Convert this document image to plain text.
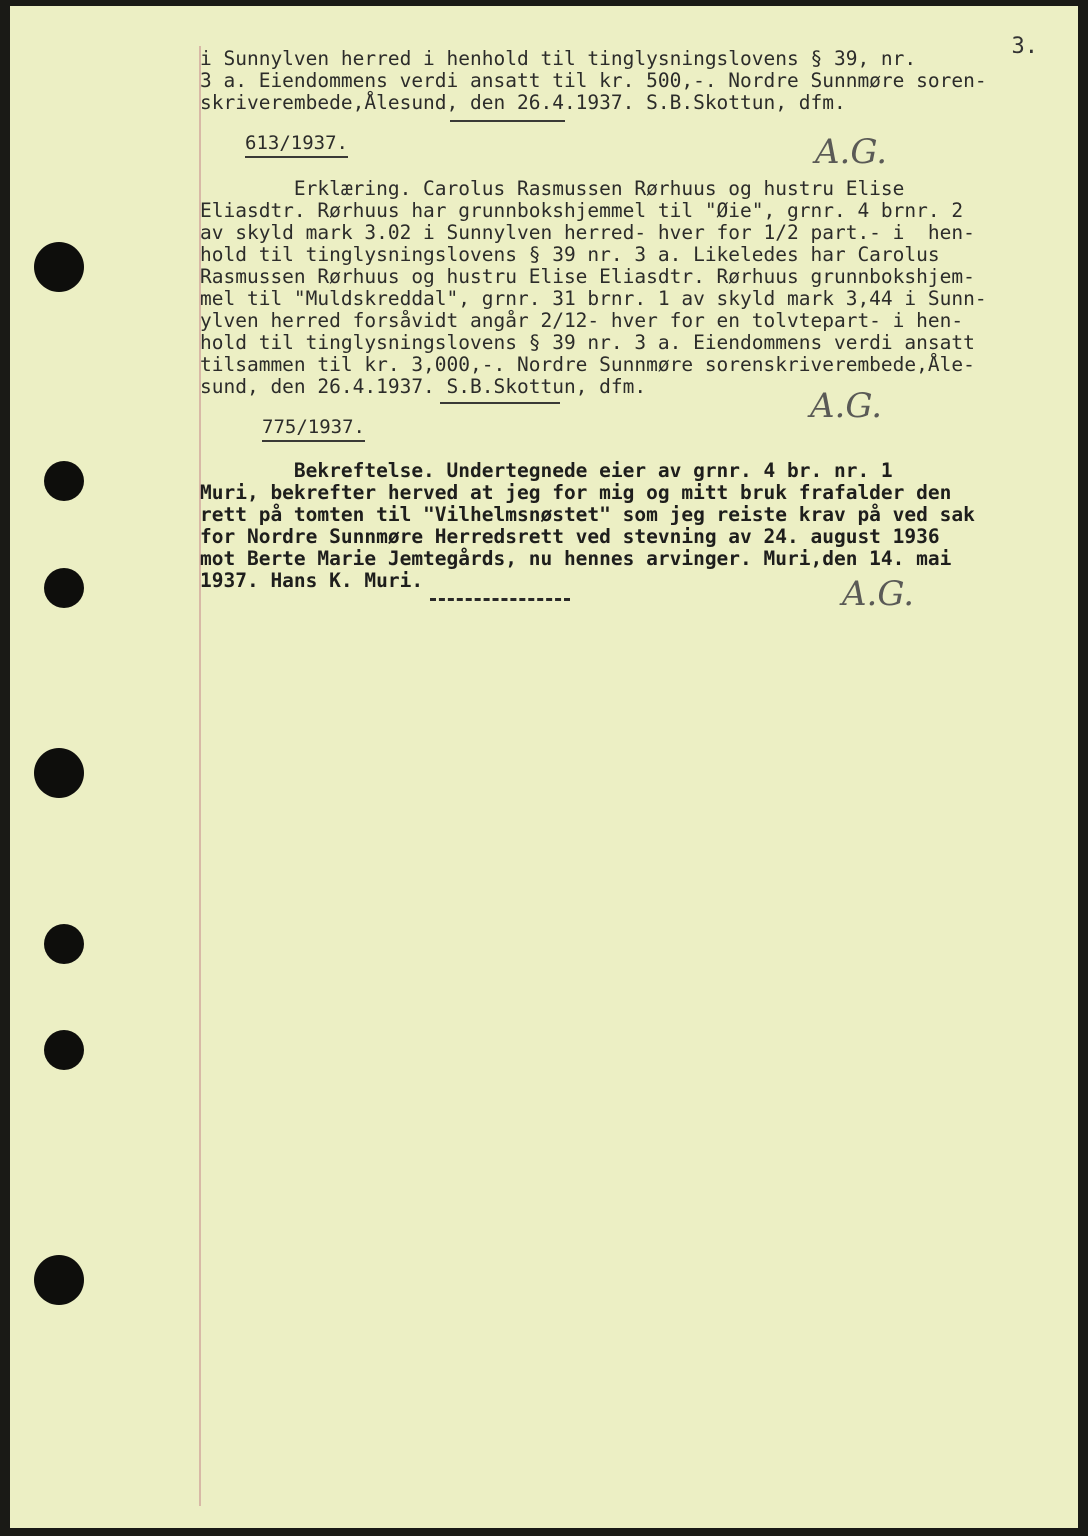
3.

i Sunnylven herred i henhold til tinglysningslovens § 39, nr.

3 a. Eiendommens verdi ansatt til kr. 500,-. Nordre Sunnmøre soren-

skriverembede,Ålesund, den 26.4.1937. S.B.Skottun, dfm.

613/1937.	A.G.

Erklæring. Carolus Rasmussen Rørhuus og hustru Elise

Eliasdtr. Rørhuus har grunnbokshjemmel til "Øie", grnr. 4 brnr. 2

av skyld mark 3.02 i Sunnylven herred- hver for 1/2 part.- i  hen-

hold til tinglysningslovens § 39 nr. 3 a. Likeledes har Carolus

Rasmussen Rørhuus og hustru Elise Eliasdtr. Rørhuus grunnbokshjem-

mel til "Muldskreddal", grnr. 31 brnr. 1 av skyld mark 3,44 i Sunn-

ylven herred forsåvidt angår 2/12- hver for en tolvtepart- i hen-

hold til tinglysningslovens § 39 nr. 3 a. Eiendommens verdi ansatt

tilsammen til kr. 3,000,-. Nordre Sunnmøre sorenskriverembede,Åle-

sund, den 26.4.1937. S.B.Skottun, dfm.	A.G.

775/1937.

Bekreftelse. Undertegnede eier av grnr. 4 br. nr. 1

Muri, bekrefter herved at jeg for mig og mitt bruk frafalder den

rett på tomten til "Vilhelmsnøstet" som jeg reiste krav på ved sak

for Nordre Sunnmøre Herredsrett ved stevning av 24. august 1936

mot Berte Marie Jemtegårds, nu hennes arvinger. Muri,den 14. mai

1937. Hans K. Muri.	A.G.
